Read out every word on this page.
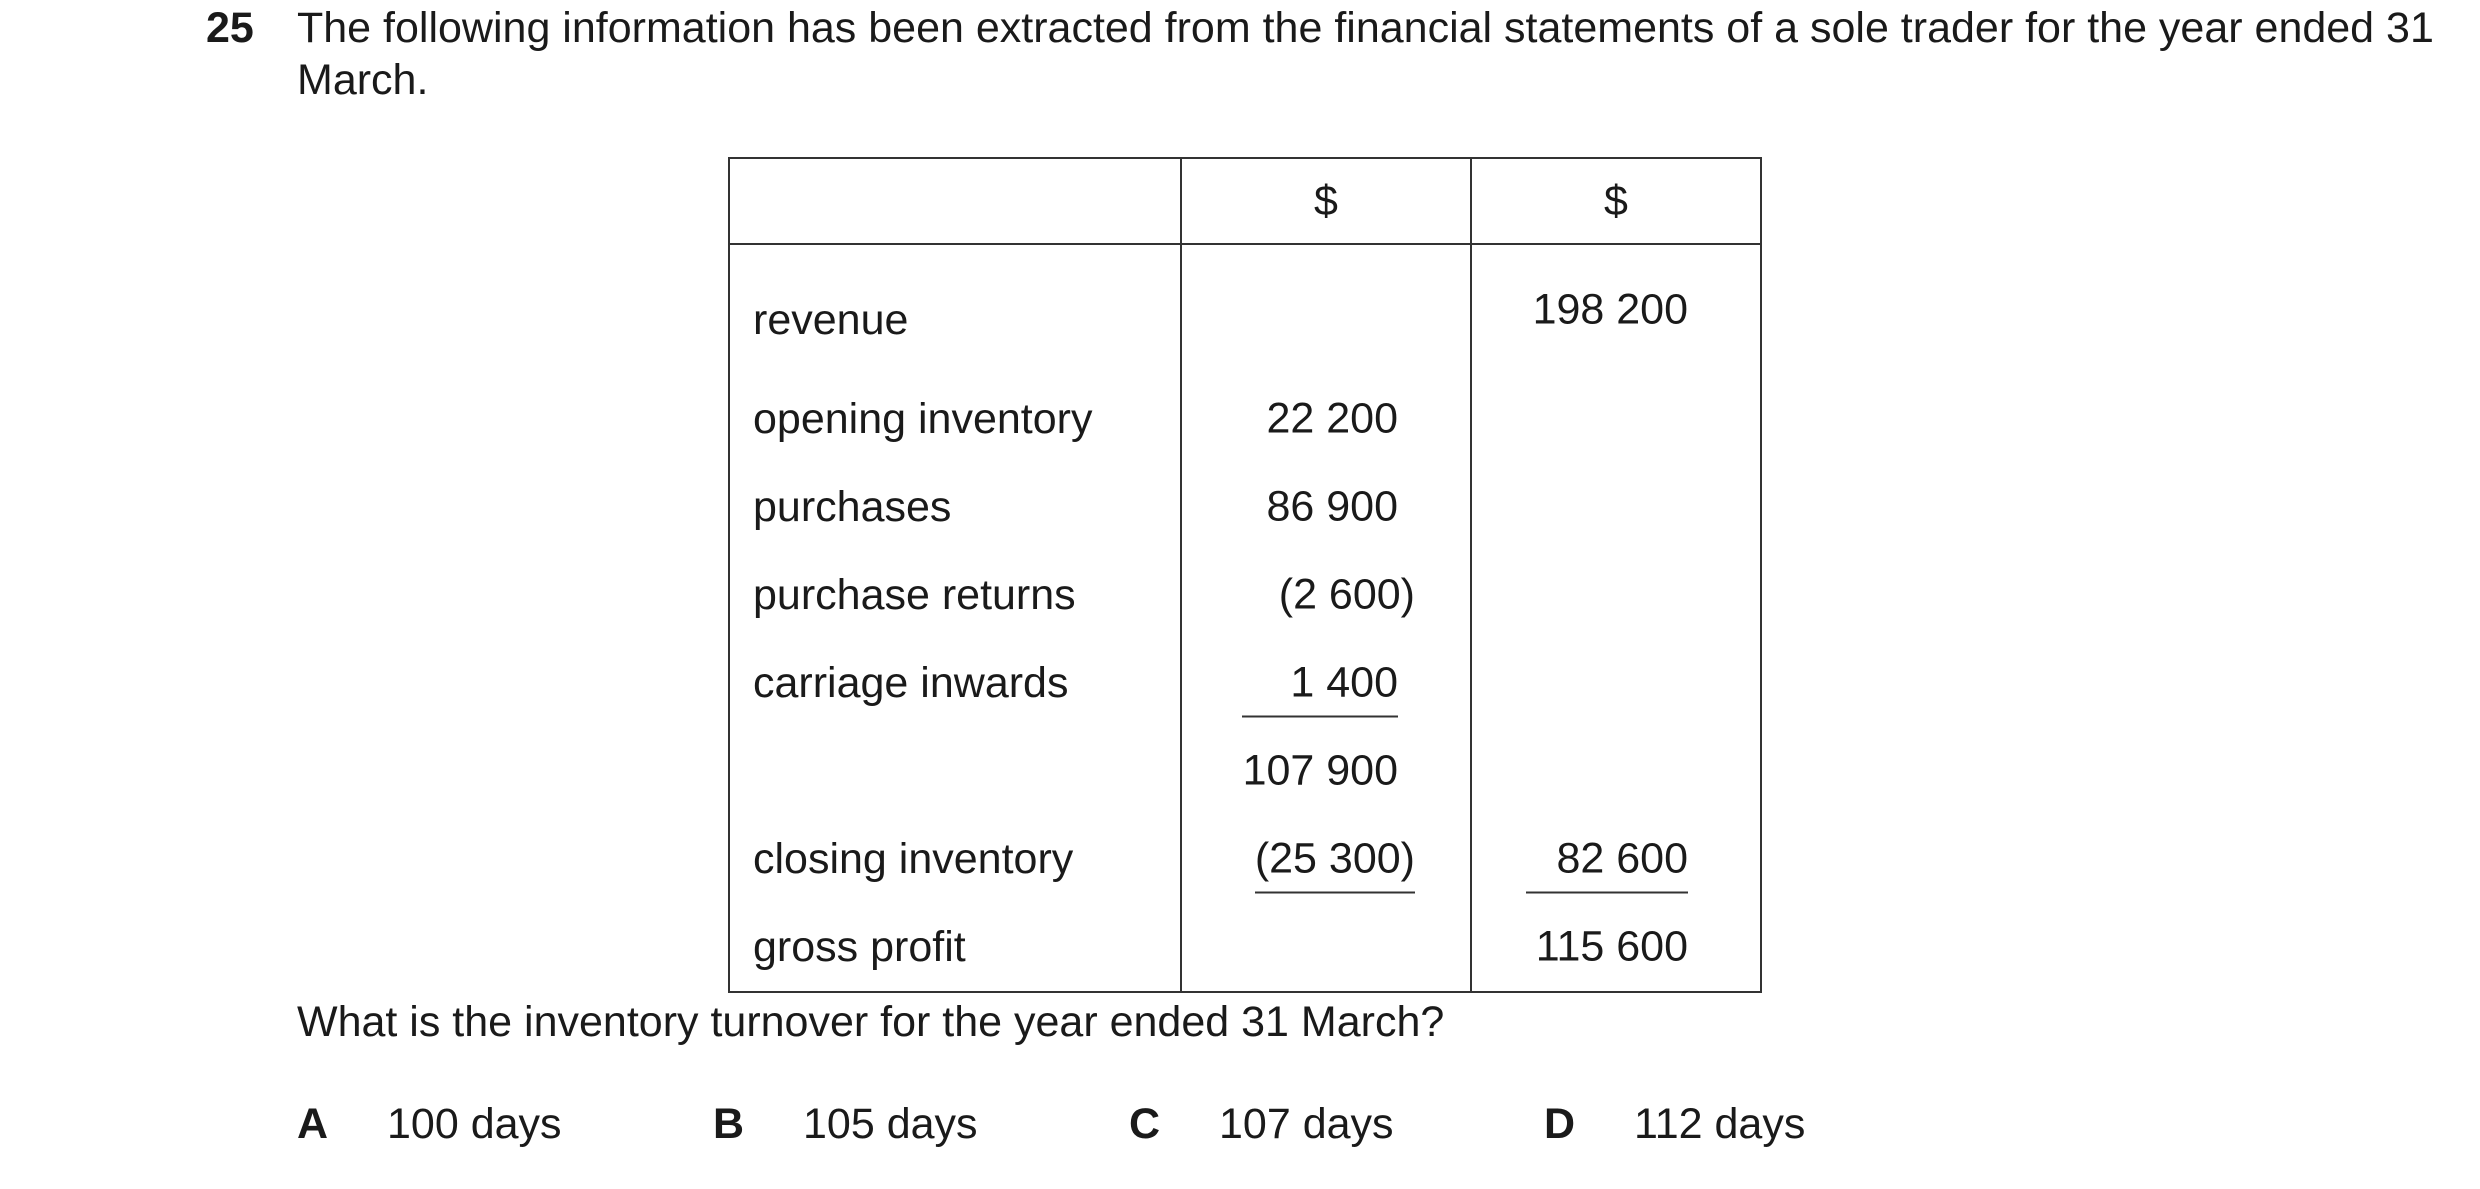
25 The following information has been extracted from the financial statements of a sole trader for the year ended 31 March.
	$	$
revenue		198 200

opening inventory	22 200	

purchases	86 900	

purchase returns	(2 600)	

carriage inwards	1 400	

	107 900	

closing inventory	(25 300)	82 600

gross profit		115 600
What is the inventory turnover for the year ended 31 March?
A 100 days	B 105 days	C 107 days	D 112 days
